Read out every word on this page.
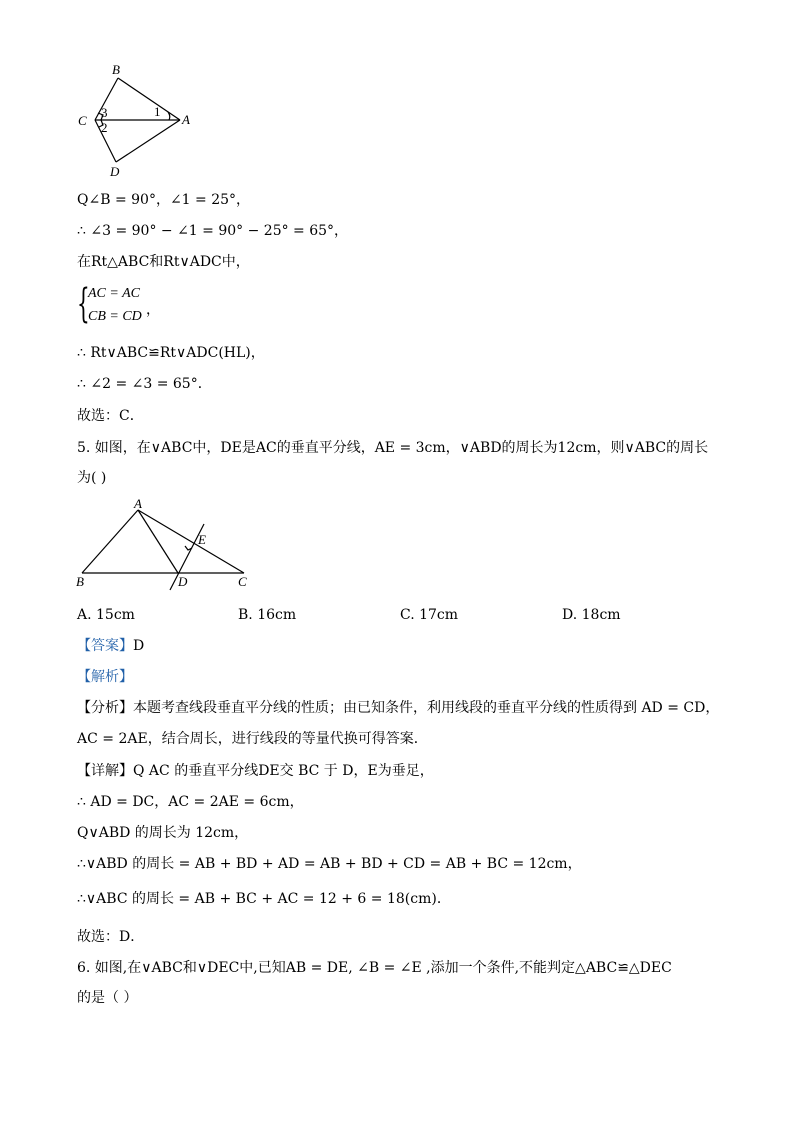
B
C	A
D
1
2
3
Q∠B = 90°，∠1 = 25°，
∴ ∠3 = 90° − ∠1 = 90° − 25° = 65°，
在Rt△ABC和Rt∨ADC中，
{
AC = AC
CB = CD ，
∴ Rt∨ABC≌Rt∨ADC(HL)，
∴ ∠2 = ∠3 = 65°．
故选：C．
5. 如图，在∨ABC中，DE是AC的垂直平分线，AE = 3cm，∨ABD的周长为12cm，则∨ABC的周长
为( )
A
B	D	C
E
A. 15cm	B. 16cm	C. 17cm	D. 18cm
【答案】D
【解析】
【分析】本题考查线段垂直平分线的性质；由已知条件，利用线段的垂直平分线的性质得到 AD = CD，
AC = 2AE，结合周长，进行线段的等量代换可得答案．
【详解】Q AC 的垂直平分线DE交 BC 于 D，E为垂足，
∴ AD = DC，AC = 2AE = 6cm，
Q∨ABD 的周长为 12cm，
∴∨ABD 的周长 = AB + BD + AD = AB + BD + CD = AB + BC = 12cm，
∴∨ABC 的周长 = AB + BC + AC = 12 + 6 = 18(cm)．
故选：D．
6. 如图,在∨ABC和∨DEC中,已知AB = DE, ∠B = ∠E ,添加一个条件,不能判定△ABC≌△DEC
的是（ ）
